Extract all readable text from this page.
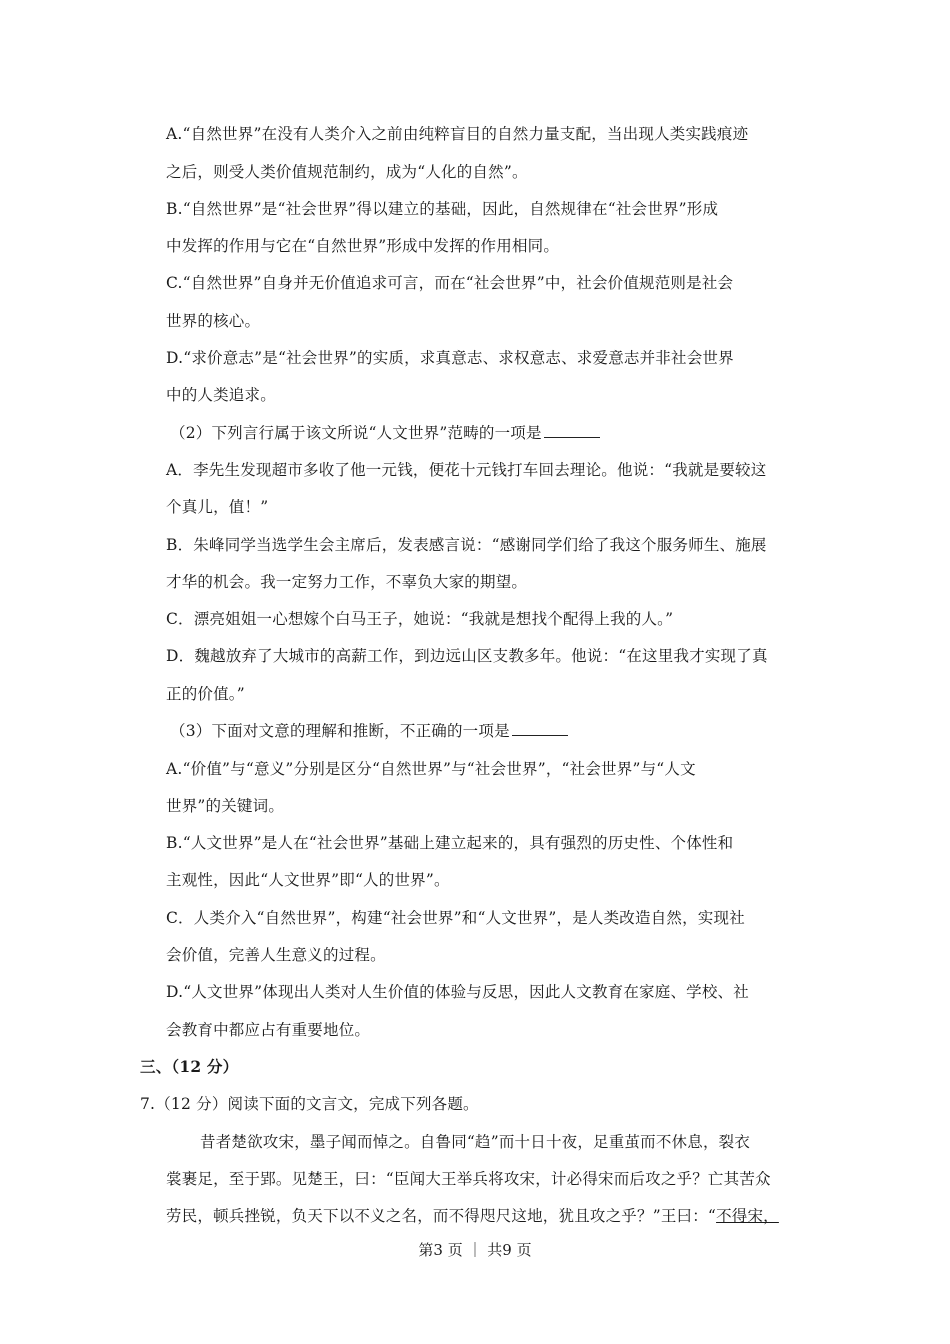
A.“自然世界”在没有人类介入之前由纯粹盲目的自然力量支配，当出现人类实践痕迹
之后，则受人类价值规范制约，成为“人化的自然”。
B.“自然世界”是“社会世界”得以建立的基础，因此，自然规律在“社会世界”形成
中发挥的作用与它在“自然世界”形成中发挥的作用相同。
C.“自然世界”自身并无价值追求可言，而在“社会世界”中，社会价值规范则是社会
世界的核心。
D.“求价意志”是“社会世界”的实质，求真意志、求权意志、求爱意志并非社会世界
中的人类追求。
（2）下列言行属于该文所说“人文世界”范畴的一项是
A．李先生发现超市多收了他一元钱，便花十元钱打车回去理论。他说：“我就是要较这
个真儿，值！”
B．朱峰同学当选学生会主席后，发表感言说：“感谢同学们给了我这个服务师生、施展
才华的机会。我一定努力工作，不辜负大家的期望。
C．漂亮姐姐一心想嫁个白马王子，她说：“我就是想找个配得上我的人。”
D．魏越放弃了大城市的高薪工作，到边远山区支教多年。他说：“在这里我才实现了真
正的价值。”
（3）下面对文意的理解和推断，不正确的一项是
A.“价值”与“意义”分别是区分“自然世界”与“社会世界”，“社会世界”与“人文
世界”的关键词。
B.“人文世界”是人在“社会世界”基础上建立起来的，具有强烈的历史性、个体性和
主观性，因此“人文世界”即“人的世界”。
C．人类介入“自然世界”，构建“社会世界”和“人文世界”，是人类改造自然，实现社
会价值，完善人生意义的过程。
D.“人文世界”体现出人类对人生价值的体验与反思，因此人文教育在家庭、学校、社
会教育中都应占有重要地位。
三、（12 分）
7.（12 分）阅读下面的文言文，完成下列各题。
昔者楚欲攻宋，墨子闻而悼之。自鲁同“趋”而十日十夜，足重茧而不休息，裂衣
裳裹足，至于郢。见楚王，曰：“臣闻大王举兵将攻宋，计必得宋而后攻之乎？亡其苦众
劳民，顿兵挫锐，负天下以不义之名，而不得咫尺这地，犹且攻之乎？”王曰：“不得宋，
第3 页 ｜ 共9 页
